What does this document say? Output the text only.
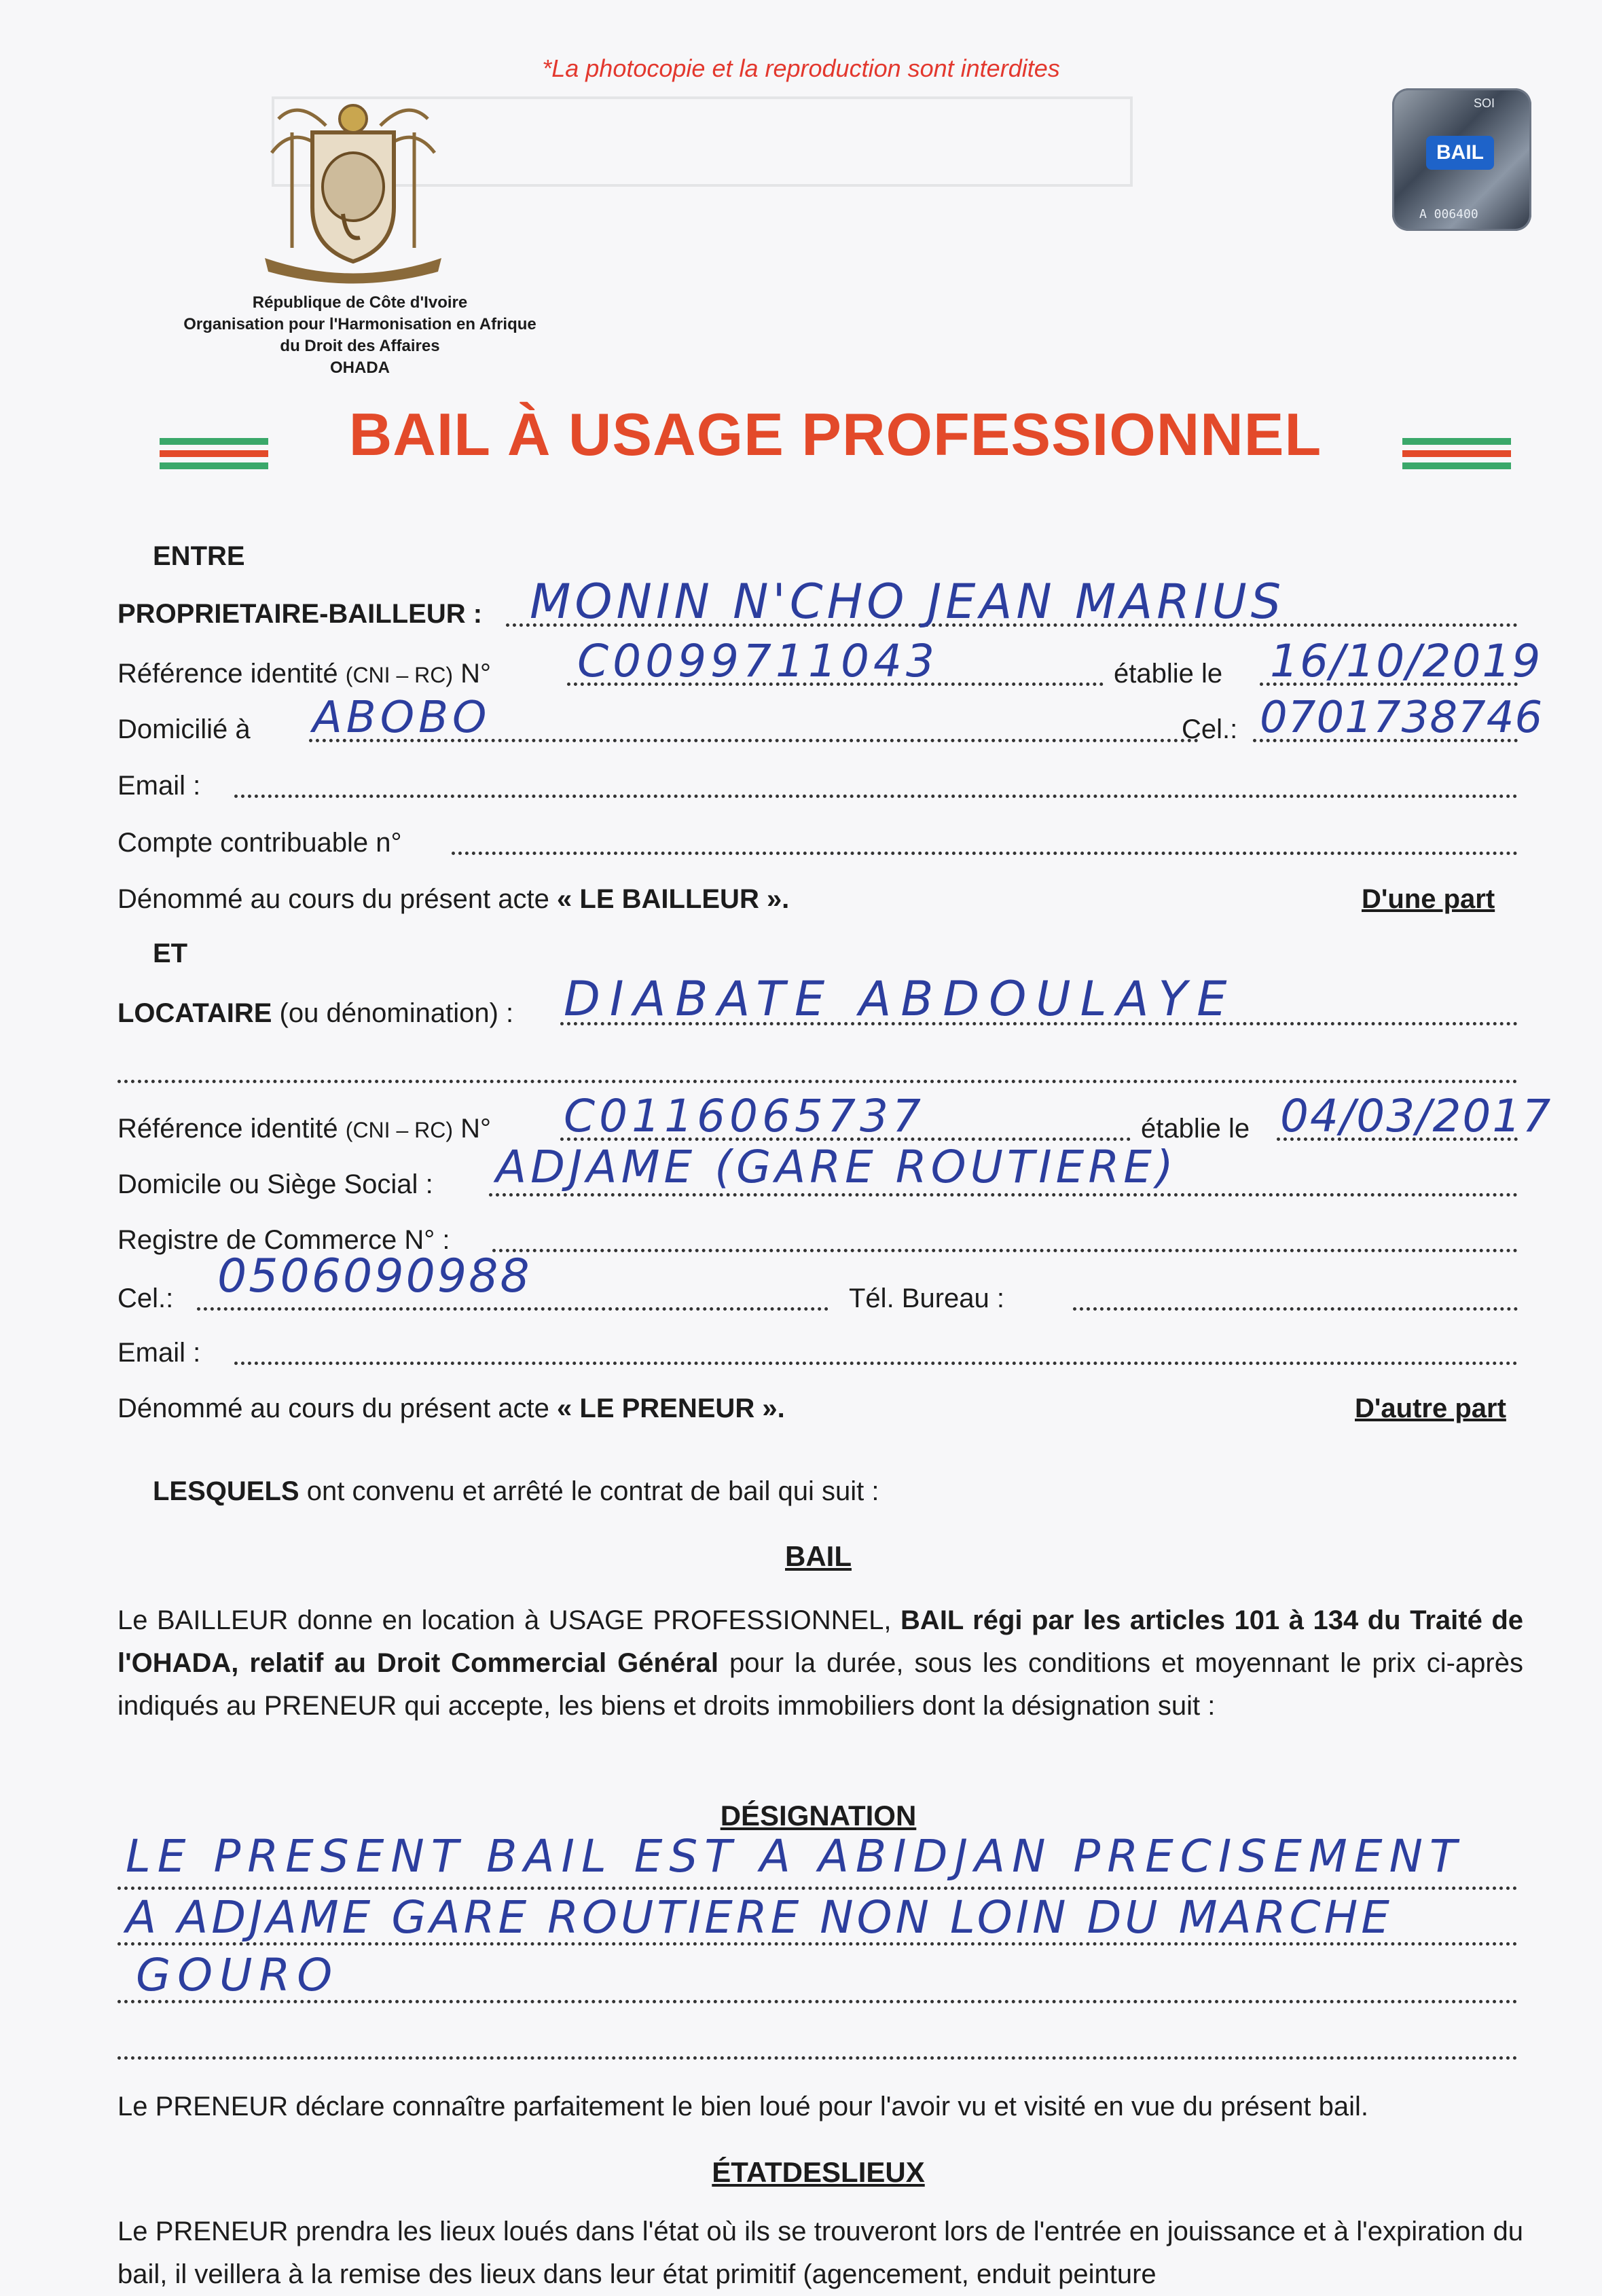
*La photocopie et la reproduction sont interdites
République de Côte d'Ivoire
Organisation pour l'Harmonisation en Afrique
du Droit des Affaires
OHADA
SOI
BAIL
A 006400
BAIL À USAGE PROFESSIONNEL
ENTRE
PROPRIETAIRE-BAILLEUR : MONIN N'CHO JEAN MARIUS
Référence identité (CNI – RC) N° C0099711043	établie le 16/10/2019
Domicilié à ABOBO	Cel.: 0701738746
Email :
Compte contribuable n°
Dénommé au cours du présent acte « LE BAILLEUR ».	D'une part
ET
LOCATAIRE (ou dénomination) : DIABATE ABDOULAYE
Référence identité (CNI – RC) N° C0116065737	établie le 04/03/2017
Domicile ou Siège Social : ADJAME (GARE ROUTIERE)
Registre de Commerce N° :
Cel.: 0506090988	Tél. Bureau :
Email :
Dénommé au cours du présent acte « LE PRENEUR ».	D'autre part
LESQUELS ont convenu et arrêté le contrat de bail qui suit :
BAIL
Le BAILLEUR donne en location à USAGE PROFESSIONNEL, BAIL régi par les articles 101 à 134 du Traité de l'OHADA, relatif au Droit Commercial Général pour la durée, sous les conditions et moyennant le prix ci-après indiqués au PRENEUR qui accepte, les biens et droits immobiliers dont la désignation suit :
DÉSIGNATION
LE PRESENT BAIL EST A ABIDJAN PRECISEMENT
A ADJAME GARE ROUTIERE NON LOIN DU MARCHE
GOURO
Le PRENEUR déclare connaître parfaitement le bien loué pour l'avoir vu et visité en vue du présent bail.
ÉTATDESLIEUX
Le PRENEUR prendra les lieux loués dans l'état où ils se trouveront lors de l'entrée en jouissance et à l'expiration du bail, il veillera à la remise des lieux dans leur état primitif (agencement, enduit peinture
